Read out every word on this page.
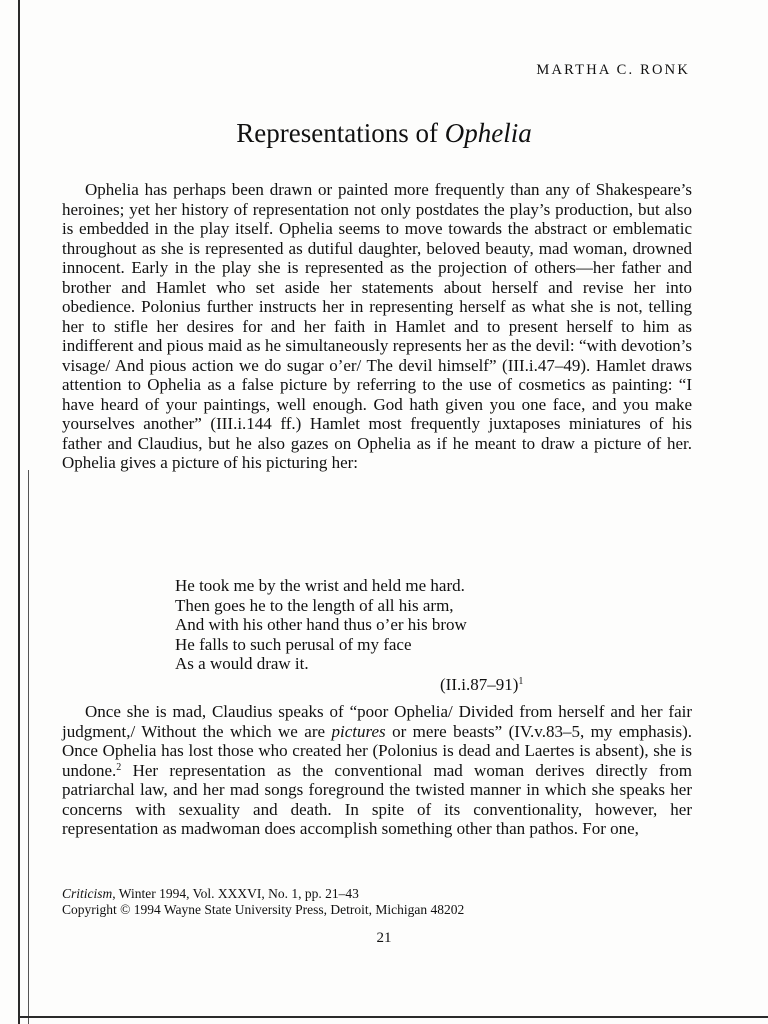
MARTHA C. RONK

Representations of Ophelia

Ophelia has perhaps been drawn or painted more frequently than any of Shakespeare’s heroines; yet her history of representation not only postdates the play’s production, but also is embedded in the play itself. Ophelia seems to move towards the abstract or emblematic throughout as she is represented as dutiful daughter, beloved beauty, mad woman, drowned innocent. Early in the play she is represented as the projection of others—her father and brother and Hamlet who set aside her statements about herself and revise her into obedience. Polonius further instructs her in representing herself as what she is not, telling her to stifle her desires for and her faith in Hamlet and to present herself to him as indifferent and pious maid as he simultaneously represents her as the devil: “with devotion’s visage/ And pious action we do sugar o’er/ The devil himself” (III.i.47–49). Hamlet draws attention to Ophelia as a false picture by referring to the use of cosmetics as painting: “I have heard of your paintings, well enough. God hath given you one face, and you make yourselves another” (III.i.144 ff.) Hamlet most frequently juxtaposes miniatures of his father and Claudius, but he also gazes on Ophelia as if he meant to draw a picture of her. Ophelia gives a picture of his picturing her:

He took me by the wrist and held me hard.
Then goes he to the length of all his arm,
And with his other hand thus o’er his brow
He falls to such perusal of my face
As a would draw it.

$(II.i.87-91)^1$

Once she is mad, Claudius speaks of “poor Ophelia/ Divided from herself and her fair judgment,/ Without the which we are pictures or mere beasts” (IV.v.83–5, my emphasis). Once Ophelia has lost those who created her (Polonius is dead and Laertes is absent), she is undone.$^2$ Her representation as the conventional mad woman derives directly from patriarchal law, and her mad songs foreground the twisted manner in which she speaks her concerns with sexuality and death. In spite of its conventionality, however, her representation as madwoman does accomplish something other than pathos. For one,

Criticism, Winter 1994, Vol. XXXVI, No. 1, pp. 21–43
Copyright © 1994 Wayne State University Press, Detroit, Michigan 48202

21
